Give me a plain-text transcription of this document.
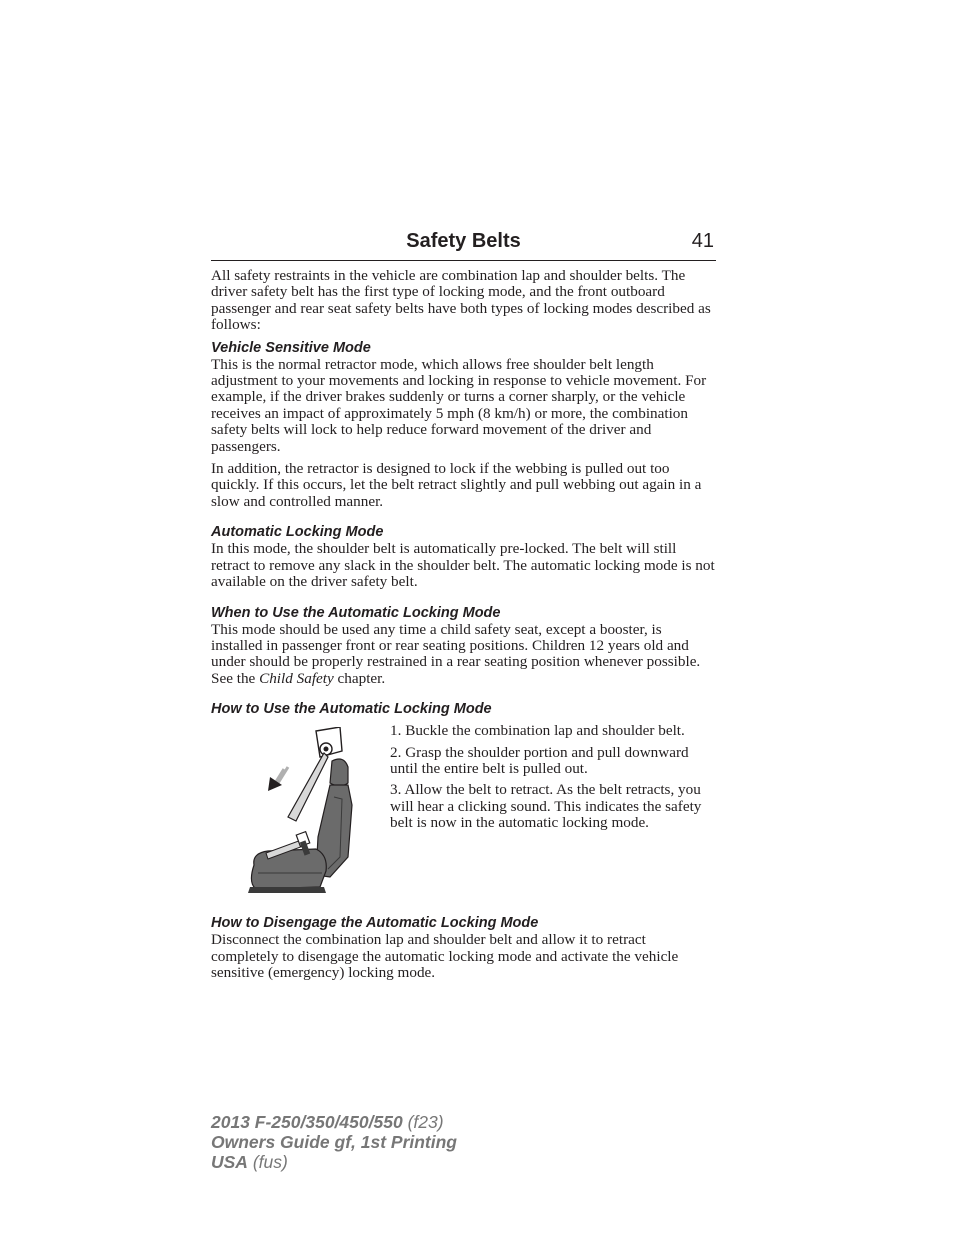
Safety Belts	41

All safety restraints in the vehicle are combination lap and shoulder belts. The driver safety belt has the first type of locking mode, and the front outboard passenger and rear seat safety belts have both types of locking modes described as follows:

Vehicle Sensitive Mode

This is the normal retractor mode, which allows free shoulder belt length adjustment to your movements and locking in response to vehicle movement. For example, if the driver brakes suddenly or turns a corner sharply, or the vehicle receives an impact of approximately 5 mph (8 km/h) or more, the combination safety belts will lock to help reduce forward movement of the driver and passengers.

In addition, the retractor is designed to lock if the webbing is pulled out too quickly. If this occurs, let the belt retract slightly and pull webbing out again in a slow and controlled manner.

Automatic Locking Mode

In this mode, the shoulder belt is automatically pre-locked. The belt will still retract to remove any slack in the shoulder belt. The automatic locking mode is not available on the driver safety belt.

When to Use the Automatic Locking Mode

This mode should be used any time a child safety seat, except a booster, is installed in passenger front or rear seating positions. Children 12 years old and under should be properly restrained in a rear seating position whenever possible. See the Child Safety chapter.

How to Use the Automatic Locking Mode

1. Buckle the combination lap and shoulder belt.

2. Grasp the shoulder portion and pull downward until the entire belt is pulled out.

3. Allow the belt to retract. As the belt retracts, you will hear a clicking sound. This indicates the safety belt is now in the automatic locking mode.

How to Disengage the Automatic Locking Mode

Disconnect the combination lap and shoulder belt and allow it to retract completely to disengage the automatic locking mode and activate the vehicle sensitive (emergency) locking mode.

2013 F-250/350/450/550 (f23)
Owners Guide gf, 1st Printing
USA (fus)
